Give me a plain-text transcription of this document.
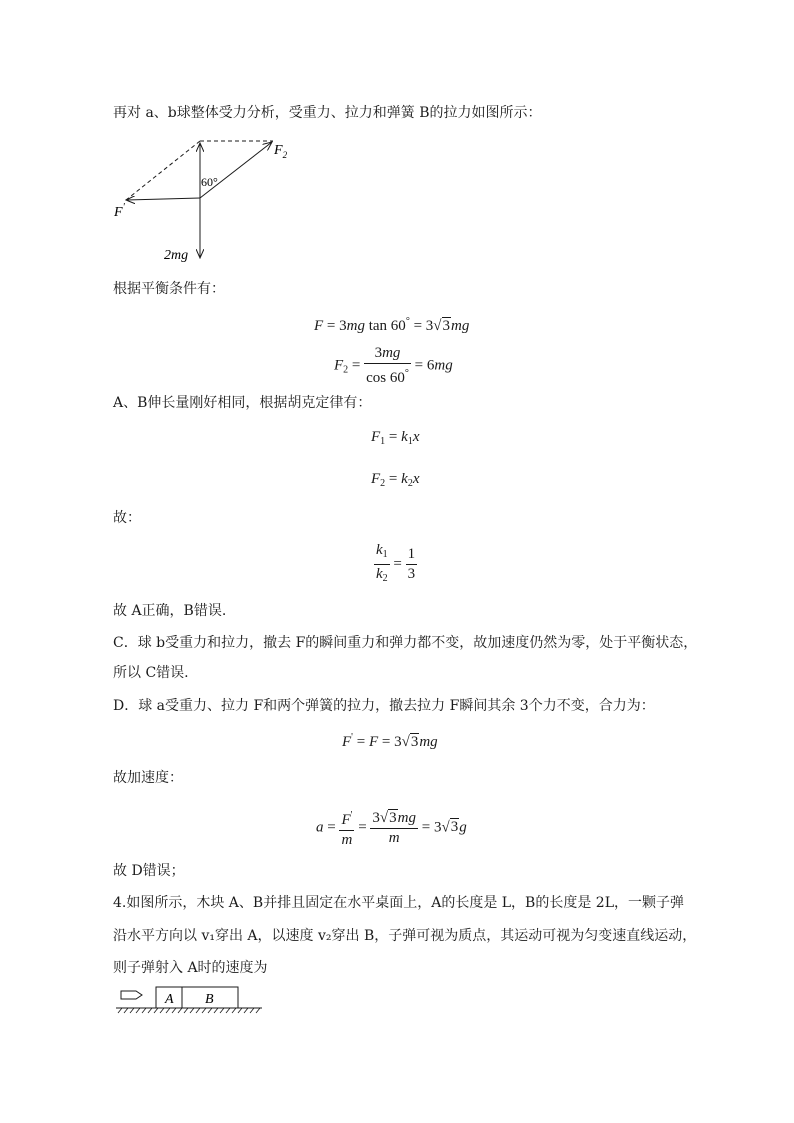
再对 a、b球整体受力分析，受重力、拉力和弹簧 B的拉力如图所示：
$F_2$
F'
60°
2mg
根据平衡条件有：
F = 3mg tan 60° = 3√3mg
$F_2 = \frac{3mg}{\cos 60^\circ} = 6mg$
A、B伸长量刚好相同，根据胡克定律有：
$F_1 = k_1x$
$F_2 = k_2x$
故：
$\frac{k_1}{k_2} = \frac{1}{3}$
故 A正确，B错误.
C．球 b受重力和拉力，撤去 F的瞬间重力和弹力都不变，故加速度仍然为零，处于平衡状态，
所以 C错误.
D．球 a受重力、拉力 F和两个弹簧的拉力，撤去拉力 F瞬间其余 3个力不变，合力为：
F' = F = 3√3mg
故加速度：
$a = \frac{F'}{m} = \frac{3√3mg}{m} = 3√3g$
故 D错误；
4.如图所示，木块 A、B并排且固定在水平桌面上，A的长度是 L，B的长度是 2L，一颗子弹
沿水平方向以 v₁穿出 A，以速度 v₂穿出 B，子弹可视为质点，其运动可视为匀变速直线运动，
则子弹射入 A时的速度为
A B
